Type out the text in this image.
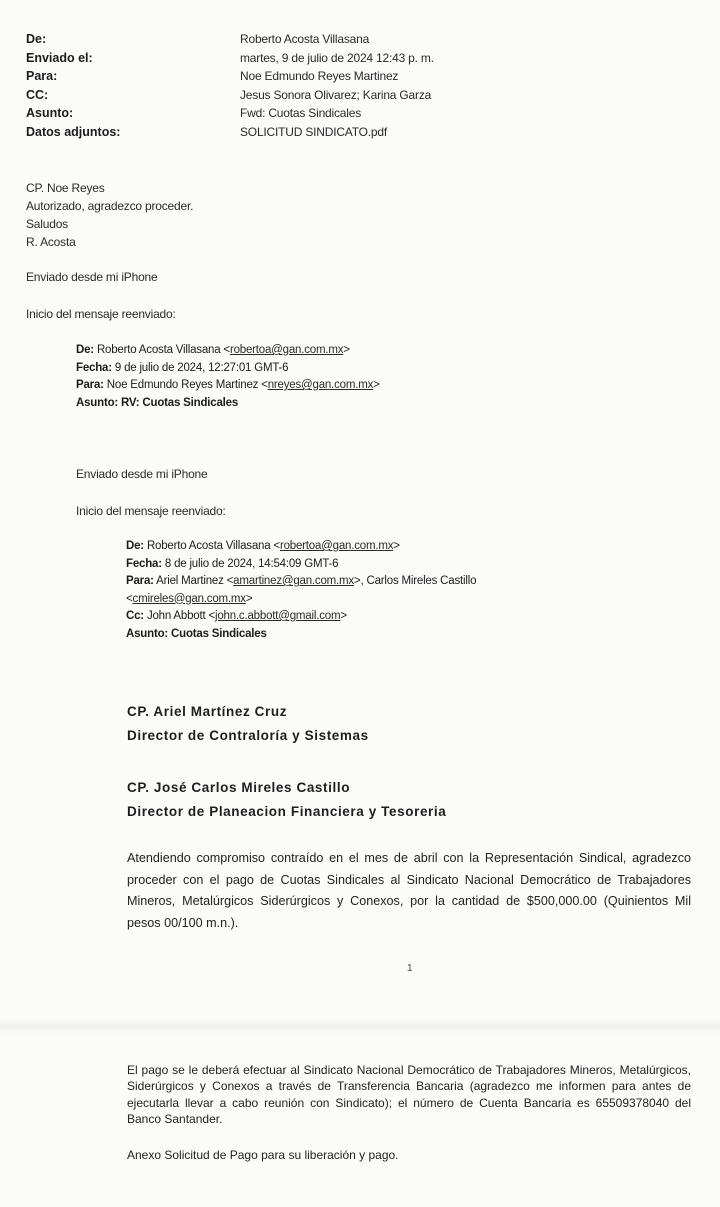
De:
Enviado el:
Para:
CC:
Asunto:
Datos adjuntos:
Roberto Acosta Villasana
martes, 9 de julio de 2024 12:43 p. m.
Noe Edmundo Reyes Martinez
Jesus Sonora Olivarez; Karina Garza
Fwd: Cuotas Sindicales
SOLICITUD SINDICATO.pdf
CP. Noe Reyes
Autorizado, agradezco proceder.
Saludos
R. Acosta
Enviado desde mi iPhone
Inicio del mensaje reenviado:
De: Roberto Acosta Villasana <robertoa@gan.com.mx>
Fecha: 9 de julio de 2024, 12:27:01 GMT-6
Para: Noe Edmundo Reyes Martinez <nreyes@gan.com.mx>
Asunto: RV: Cuotas Sindicales
Enviado desde mi iPhone
Inicio del mensaje reenviado:
De: Roberto Acosta Villasana <robertoa@gan.com.mx>
Fecha: 8 de julio de 2024, 14:54:09 GMT-6
Para: Ariel Martinez <amartinez@gan.com.mx>, Carlos Mireles Castillo
<cmireles@gan.com.mx>
Cc: John Abbott <john.c.abbott@gmail.com>
Asunto: Cuotas Sindicales
CP. Ariel Martínez Cruz
Director de Contraloría y Sistemas
CP. José Carlos Mireles Castillo
Director de Planeacion Financiera y Tesoreria
Atendiendo compromiso contraído en el mes de abril con la Representación Sindical, agradezco proceder con el pago de Cuotas Sindicales al Sindicato Nacional Democrático de Trabajadores Mineros, Metalúrgicos Siderúrgicos y Conexos, por la cantidad de $500,000.00 (Quinientos Mil pesos 00/100 m.n.).
1
El pago se le deberá efectuar al Sindicato Nacional Democrático de Trabajadores Mineros, Metalúrgicos, Siderúrgicos y Conexos a través de Transferencia Bancaria (agradezco me informen para antes de ejecutarla llevar a cabo reunión con Sindicato); el número de Cuenta Bancaria es 65509378040 del Banco Santander.
Anexo Solicitud de Pago para su liberación y pago.
